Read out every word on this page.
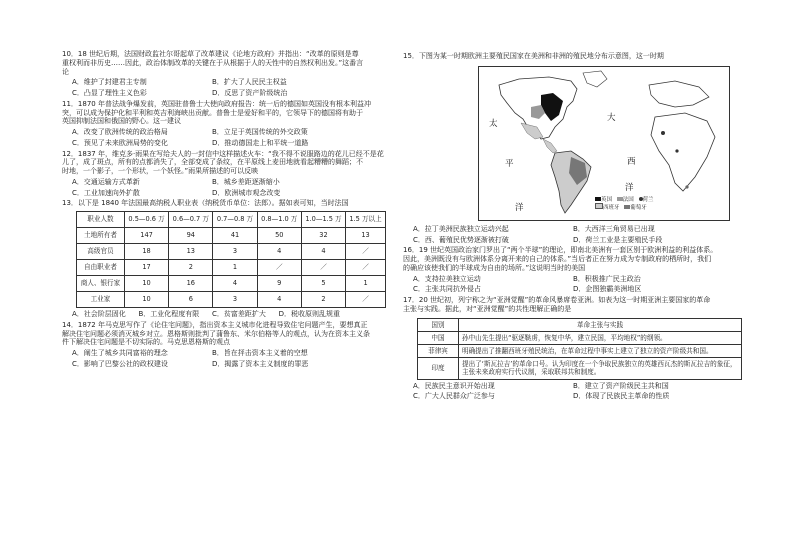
10．18 世纪后期，法国财政监社尔哥起草了改革建议《论地方政府》并指出：“改革的原则是尊
重权利而非历史……因此，政治体制改革的关键在于从根据于人的天性中的自然权利出发。”这番言
论
A．维护了封建君主专制	B．扩大了人民民主权益
C．凸显了理性主义色彩	D．反思了资产阶级统治
11．1870 年普法战争爆发前，英国驻普鲁士大使向政府报告：统一后的德国如英国没有根本利益冲
突，可以成为保护化和平利和英吉利海峡出贡献。普鲁士是爱好和平的，它领导下的德国将有助于
英国抑制法国和俄国的野心。这一建议
A．改变了欧洲传统的政治格局	B．立足于英国传统的外交政策
C．预见了未来欧洲局势的变化	D．推动德国走上和平统一道路
12．1837 年，维克多·雨果在写给夫人的一封信中这样描述火车：“我不得不说服路边的花儿已经不是花
儿了，成了斑点，所有的点都消失了，全部变成了条纹，在平原线上麦田地就看起糟糟的舞蹈；不
时地，一个影子，一个形状，一个妖怪。”雨果所描述的可以反映
A．交通运输方式革新	B．城乡差距逐渐缩小
C．工业加速向外扩散	D．欧洲城市观念改变
13．以下是 1840 年法国最高纳税人职业表（纳税货币单位：法郎）。据如表可知，当时法国
职业人数	0.5—0.6 万	0.6—0.7 万	0.7—0.8 万	0.8—1.0 万	1.0—1.5 万	1.5 万以上
土地所有者	147	94	41	50	32	13
高级官员	18	13	3	4	4	／
自由职业者	17	2	1	／	／	／
商人、银行家	10	16	4	9	5	1
工业家	10	6	3	4	2	／
A．社会阶层固化 B．工业化程度有限 C．贫富差距扩大 D．税收原则乱规重
14．1872 年马克思写作了《论住宅问题》，指出资本主义城市化进程导致住宅问题产生，要想真正
解决住宅问题必须消灭城乡对立。恩格斯则批判了蒲鲁东、米尔伯格等人的观点，认为在资本主义条
件下解决住宅问题是不切实际的。马克思恩格斯的观点
A．阐生了城乡共同富裕的理念	B．旨在抨击资本主义着的空想
C．影响了巴黎公社的政权建设	D．揭露了资本主义制度的罪恶
15．下图为某一时期欧洲主要殖民国家在美洲和非洲的殖民地分布示意图，这一时期
大
太
西
平
洋
洋
英国 法国 荷兰
西班牙 葡萄牙
A．拉丁美洲民族独立运动兴起	B．大西洋三角贸易已出现
C．西、葡殖民优势逐渐被打破	D．荷兰工业是主要殖民手段
16．19 世纪英国政治家门罗出了“两个半球”的理论，即南北美洲有一套区别于欧洲利益的利益体系。
因此，美洲既没有与欧洲体系分离开来的自己的体系。”当后者正在努力成为专制政府的栖所时，我们
的确应该使我们的半球成为自由的场所。”这说明当时的美国
A．支持拉美独立运动	B．积极推广民主政治
C．主张共同抗外侵占	D．企图独霸美洲地区
17．20 世纪初，列宁称之为“亚洲觉醒”的革命风暴席卷亚洲。如表为这一时期亚洲主要国家的革命
主张与实践。据此，对“亚洲觉醒”的共性理解正确的是
国别	革命主张与实践
中国	孙中山先生提出“驱逐鞑虏，恢复中华，建立民国，平均地权”的纲领。
菲律宾	明确提出了推翻西班牙殖民统治，在革命过程中事实上建立了独立的资产阶级共和国。
印度	提出了‘斯瓦拉吉’的革命口号。认为印度在一个争取民族独立的英雄西瓦杰的斯瓦拉吉的象征，主张未来政府实行代议制，采取联邦共和制度。
A．民族民主意识开始出现	B．建立了资产阶级民主共和国
C．广大人民群众广泛参与	D．体现了民族民主革命的性质
